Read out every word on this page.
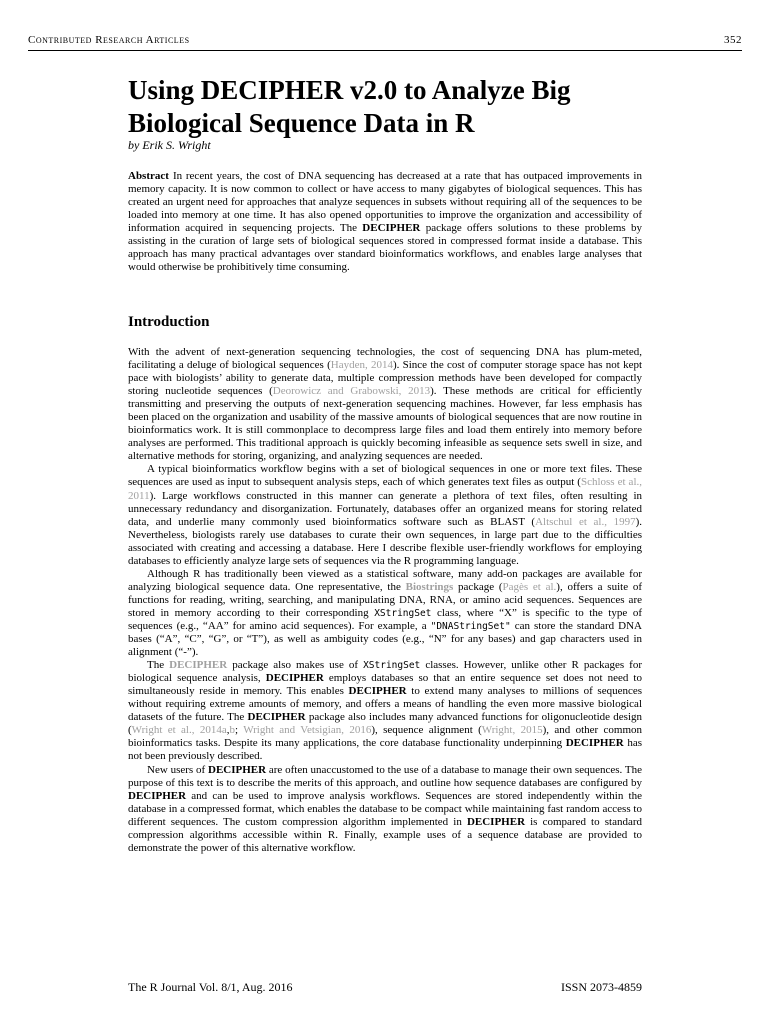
Contributed Research Articles	352
Using DECIPHER v2.0 to Analyze Big
Biological Sequence Data in R
by Erik S. Wright
Abstract In recent years, the cost of DNA sequencing has decreased at a rate that has outpaced improvements in memory capacity. It is now common to collect or have access to many gigabytes of biological sequences. This has created an urgent need for approaches that analyze sequences in subsets without requiring all of the sequences to be loaded into memory at one time. It has also opened opportunities to improve the organization and accessibility of information acquired in sequencing projects. The DECIPHER package offers solutions to these problems by assisting in the curation of large sets of biological sequences stored in compressed format inside a database. This approach has many practical advantages over standard bioinformatics workflows, and enables large analyses that would otherwise be prohibitively time consuming.
Introduction

With the advent of next-generation sequencing technologies, the cost of sequencing DNA has plum-meted, facilitating a deluge of biological sequences (Hayden, 2014). Since the cost of computer storage space has not kept pace with biologists’ ability to generate data, multiple compression methods have been developed for compactly storing nucleotide sequences (Deorowicz and Grabowski, 2013). These methods are critical for efficiently transmitting and preserving the outputs of next-generation sequencing machines. However, far less emphasis has been placed on the organization and usability of the massive amounts of biological sequences that are now routine in bioinformatics work. It is still commonplace to decompress large files and load them entirely into memory before analyses are performed. This traditional approach is quickly becoming infeasible as sequence sets swell in size, and alternative methods for storing, organizing, and analyzing sequences are needed.

A typical bioinformatics workflow begins with a set of biological sequences in one or more text files. These sequences are used as input to subsequent analysis steps, each of which generates text files as output (Schloss et al., 2011). Large workflows constructed in this manner can generate a plethora of text files, often resulting in unnecessary redundancy and disorganization. Fortunately, databases offer an organized means for storing related data, and underlie many commonly used bioinformatics software such as BLAST (Altschul et al., 1997). Nevertheless, biologists rarely use databases to curate their own sequences, in large part due to the difficulties associated with creating and accessing a database. Here I describe flexible user-friendly workflows for employing databases to efficiently analyze large sets of sequences via the R programming language.

Although R has traditionally been viewed as a statistical software, many add-on packages are available for analyzing biological sequence data. One representative, the Biostrings package (Pagès et al.), offers a suite of functions for reading, writing, searching, and manipulating DNA, RNA, or amino acid sequences. Sequences are stored in memory according to their corresponding XStringSet class, where “X” is specific to the type of sequences (e.g., “AA” for amino acid sequences). For example, a "DNAStringSet" can store the standard DNA bases (“A”, “C”, “G”, or “T”), as well as ambiguity codes (e.g., “N” for any bases) and gap characters used in alignment (“-”).

The DECIPHER package also makes use of XStringSet classes. However, unlike other R packages for biological sequence analysis, DECIPHER employs databases so that an entire sequence set does not need to simultaneously reside in memory. This enables DECIPHER to extend many analyses to millions of sequences without requiring extreme amounts of memory, and offers a means of handling the even more massive biological datasets of the future. The DECIPHER package also includes many advanced functions for oligonucleotide design (Wright et al., 2014a,b; Wright and Vetsigian, 2016), sequence alignment (Wright, 2015), and other common bioinformatics tasks. Despite its many applications, the core database functionality underpinning DECIPHER has not been previously described.

New users of DECIPHER are often unaccustomed to the use of a database to manage their own sequences. The purpose of this text is to describe the merits of this approach, and outline how sequence databases are configured by DECIPHER and can be used to improve analysis workflows. Sequences are stored independently within the database in a compressed format, which enables the database to be compact while maintaining fast random access to different sequences. The custom compression algorithm implemented in DECIPHER is compared to standard compression algorithms accessible within R. Finally, example uses of a sequence database are provided to demonstrate the power of this alternative workflow.

The R Journal Vol. 8/1, Aug. 2016	ISSN 2073-4859
